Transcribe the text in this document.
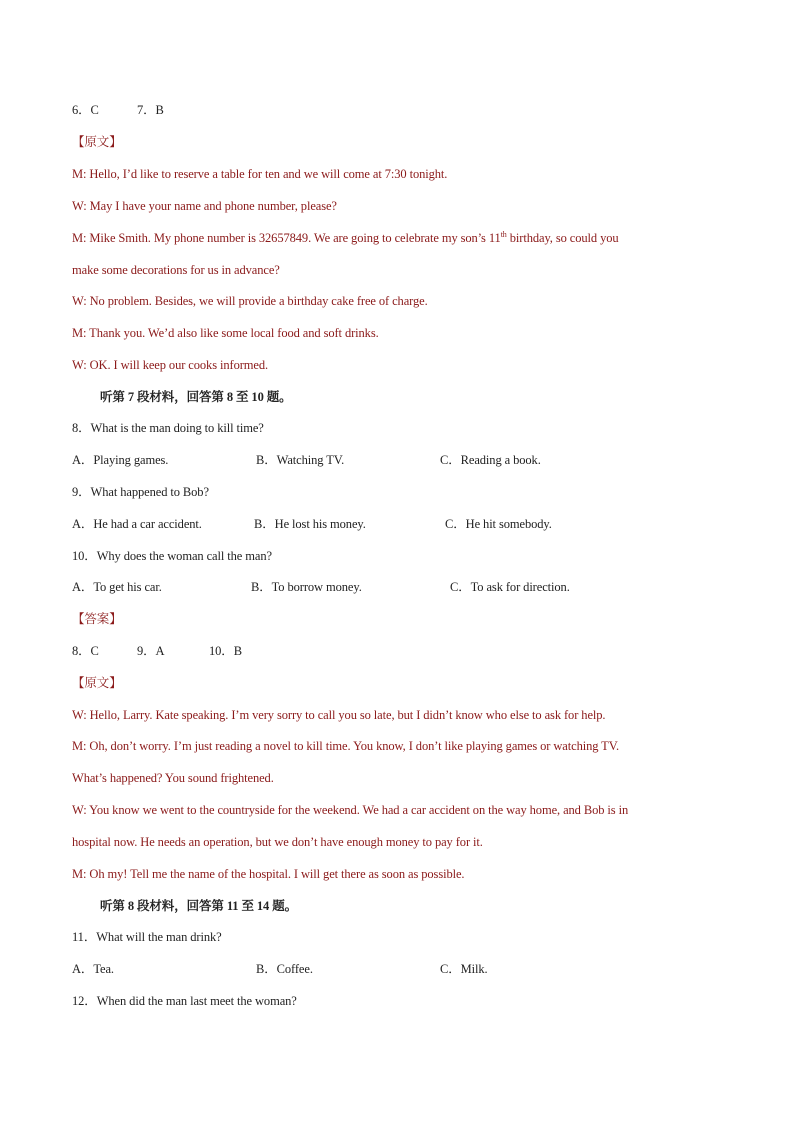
6．C	7．B
【原文】
M: Hello, I’d like to reserve a table for ten and we will come at 7:30 tonight.
W: May I have your name and phone number, please?
M: Mike Smith. My phone number is 32657849. We are going to celebrate my son’s 11th birthday, so could you
make some decorations for us in advance?
W: No problem. Besides, we will provide a birthday cake free of charge.
M: Thank you. We’d also like some local food and soft drinks.
W: OK. I will keep our cooks informed.
听第 7 段材料，回答第 8 至 10 题。
8．What is the man doing to kill time?
A．Playing games.	B．Watching TV.	C．Reading a book.
9．What happened to Bob?
A．He had a car accident.	B．He lost his money.	C．He hit somebody.
10．Why does the woman call the man?
A．To get his car.	B．To borrow money.	C．To ask for direction.
【答案】
8．C	9．A	10．B
【原文】
W: Hello, Larry. Kate speaking. I’m very sorry to call you so late, but I didn’t know who else to ask for help.
M: Oh, don’t worry. I’m just reading a novel to kill time. You know, I don’t like playing games or watching TV.
What’s happened? You sound frightened.
W: You know we went to the countryside for the weekend. We had a car accident on the way home, and Bob is in
hospital now. He needs an operation, but we don’t have enough money to pay for it.
M: Oh my! Tell me the name of the hospital. I will get there as soon as possible.
听第 8 段材料，回答第 11 至 14 题。
11．What will the man drink?
A．Tea.	B．Coffee.	C．Milk.
12．When did the man last meet the woman?
